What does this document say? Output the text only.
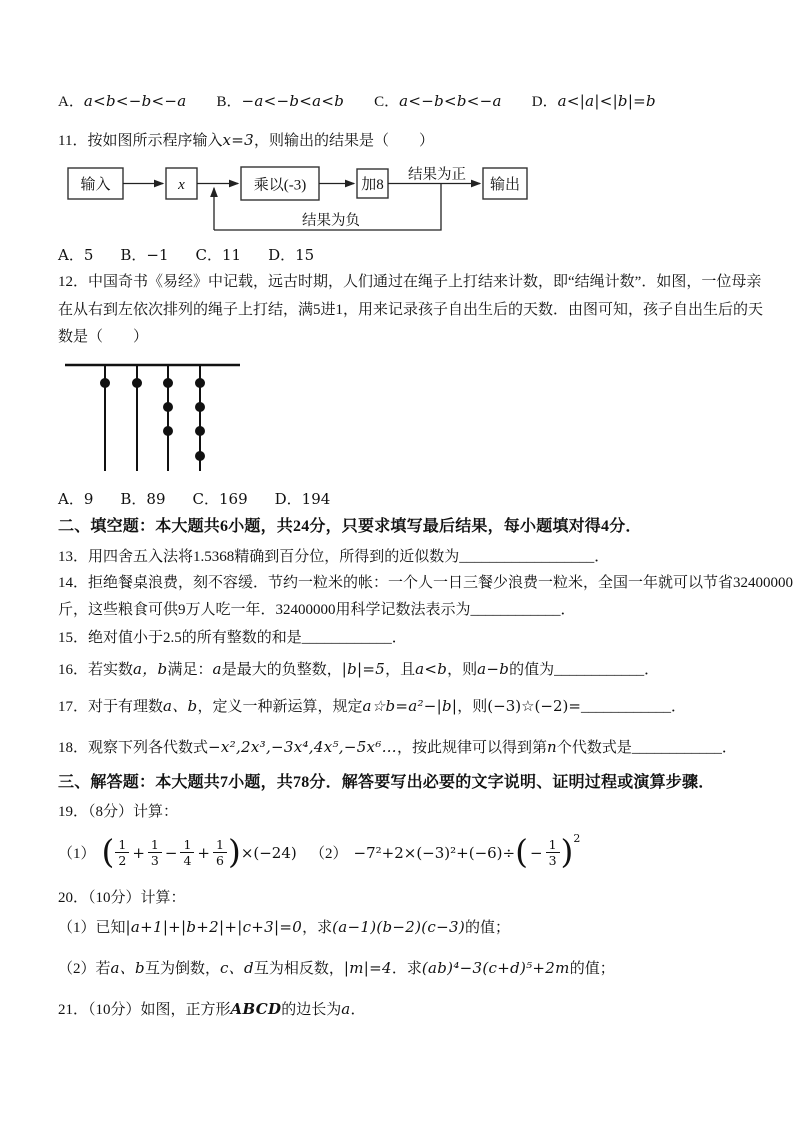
A．a<b<−b<−a B．−a<−b<a<b C．a<−b<b<−a D．a<|a|<|b|=b
11．按如图所示程序输入x=3，则输出的结果是（　　）
输入	x	乘以(-3)	加8	输出
结果为正
结果为负
A．5 B．−1 C．11 D．15
12．中国奇书《易经》中记载，远古时期，人们通过在绳子上打结来计数，即“结绳计数”．如图，一位母亲
在从右到左依次排列的绳子上打结，满5进1，用来记录孩子自出生后的天数．由图可知，孩子自出生后的天
数是（　　）
A．9 B．89 C．169 D．194
二、填空题：本大题共6小题，共24分，只要求填写最后结果，每小题填对得4分．
13．用四舍五入法将1.5368精确到百分位，所得到的近似数为__________________．
14．拒绝餐桌浪费，刻不容缓．节约一粒米的帐：一个人一日三餐少浪费一粒米，全国一年就可以节省32400000
斤，这些粮食可供9万人吃一年．32400000用科学记数法表示为____________．
15．绝对值小于2.5的所有整数的和是____________．
16．若实数a，b满足：a是最大的负整数，|b|=5，且a<b，则a−b的值为____________．
17．对于有理数a、b，定义一种新运算，规定a☆b=a²−|b|，则(−3)☆(−2)=____________．
18．观察下列各代数式−x²,2x³,−3x⁴,4x⁵,−5x⁶…，按此规律可以得到第n个代数式是____________．
三、解答题：本大题共7小题，共78分．解答要写出必要的文字说明、证明过程或演算步骤．
19．（8分）计算：
（1） ( $\frac{1}{2} + \frac{1}{3} - \frac{1}{4} + \frac{1}{6}$ ) ×(−24) （2） −7²+2×(−3)²+(−6)÷ ( − $\frac{1}{3}$ ) 2
20．（10分）计算：
（1）已知|a+1|+|b+2|+|c+3|=0，求(a−1)(b−2)(c−3)的值；
（2）若a、b互为倒数，c、d互为相反数，|m|=4．求(ab)⁴−3(c+d)⁵+2m的值；
21．（10分）如图，正方形ABCD的边长为a．
